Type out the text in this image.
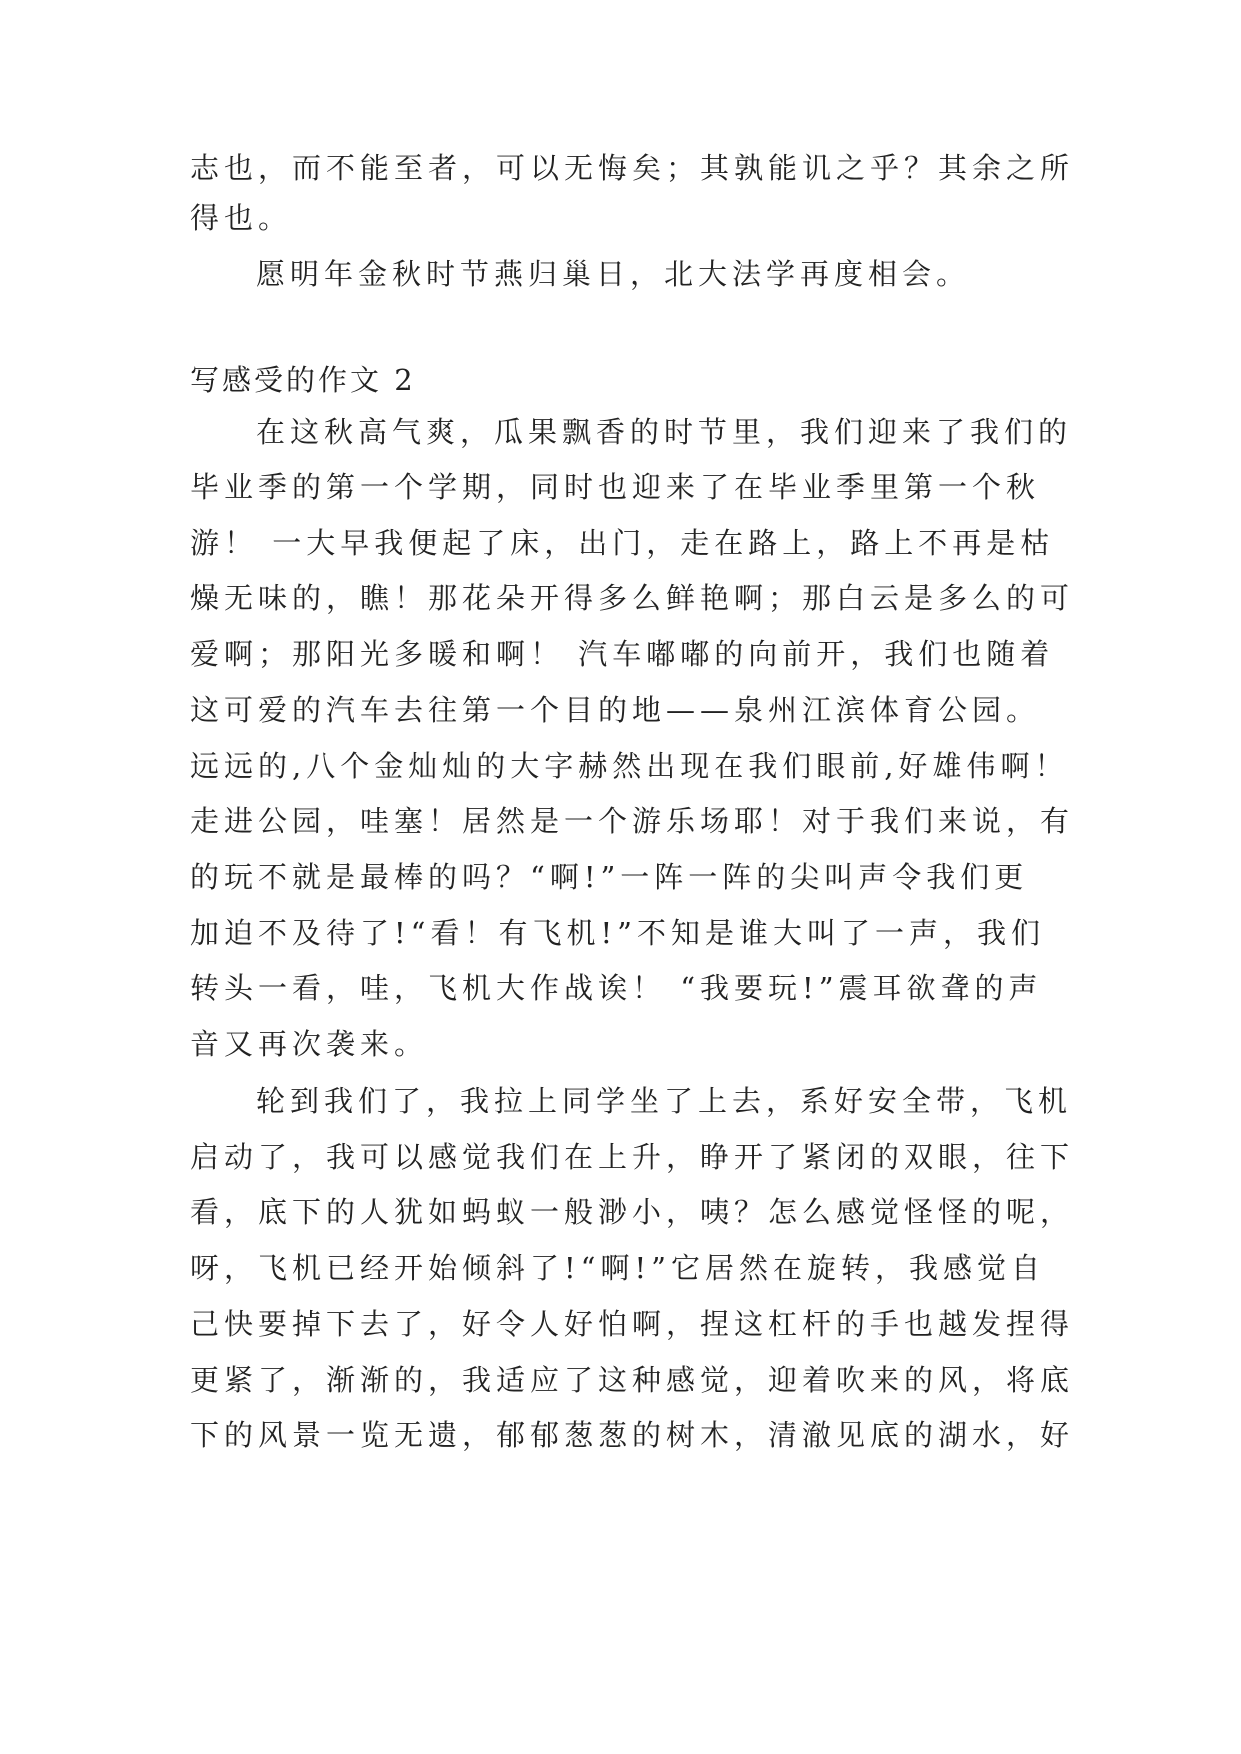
志也，而不能至者，可以无悔矣；其孰能讥之乎？其余之所
得也。
愿明年金秋时节燕归巢日，北大法学再度相会。
写感受的作文 2
在这秋高气爽，瓜果飘香的时节里，我们迎来了我们的
毕业季的第一个学期，同时也迎来了在毕业季里第一个秋
游！ 一大早我便起了床，出门，走在路上，路上不再是枯
燥无味的，瞧！那花朵开得多么鲜艳啊；那白云是多么的可
爱啊；那阳光多暖和啊！ 汽车嘟嘟的向前开，我们也随着
这可爱的汽车去往第一个目的地——泉州江滨体育公园。
远远的,八个金灿灿的大字赫然出现在我们眼前,好雄伟啊！
走进公园，哇塞！居然是一个游乐场耶！对于我们来说，有
的玩不就是最棒的吗？“啊!”一阵一阵的尖叫声令我们更
加迫不及待了!“看！有飞机!”不知是谁大叫了一声，我们
转头一看，哇，飞机大作战诶！ “我要玩!”震耳欲聋的声
音又再次袭来。
轮到我们了，我拉上同学坐了上去，系好安全带，飞机
启动了，我可以感觉我们在上升，睁开了紧闭的双眼，往下
看，底下的人犹如蚂蚁一般渺小，咦？怎么感觉怪怪的呢，
呀，飞机已经开始倾斜了!“啊!”它居然在旋转，我感觉自
己快要掉下去了，好令人好怕啊，捏这杠杆的手也越发捏得
更紧了，渐渐的，我适应了这种感觉，迎着吹来的风，将底
下的风景一览无遗，郁郁葱葱的树木，清澈见底的湖水，好
